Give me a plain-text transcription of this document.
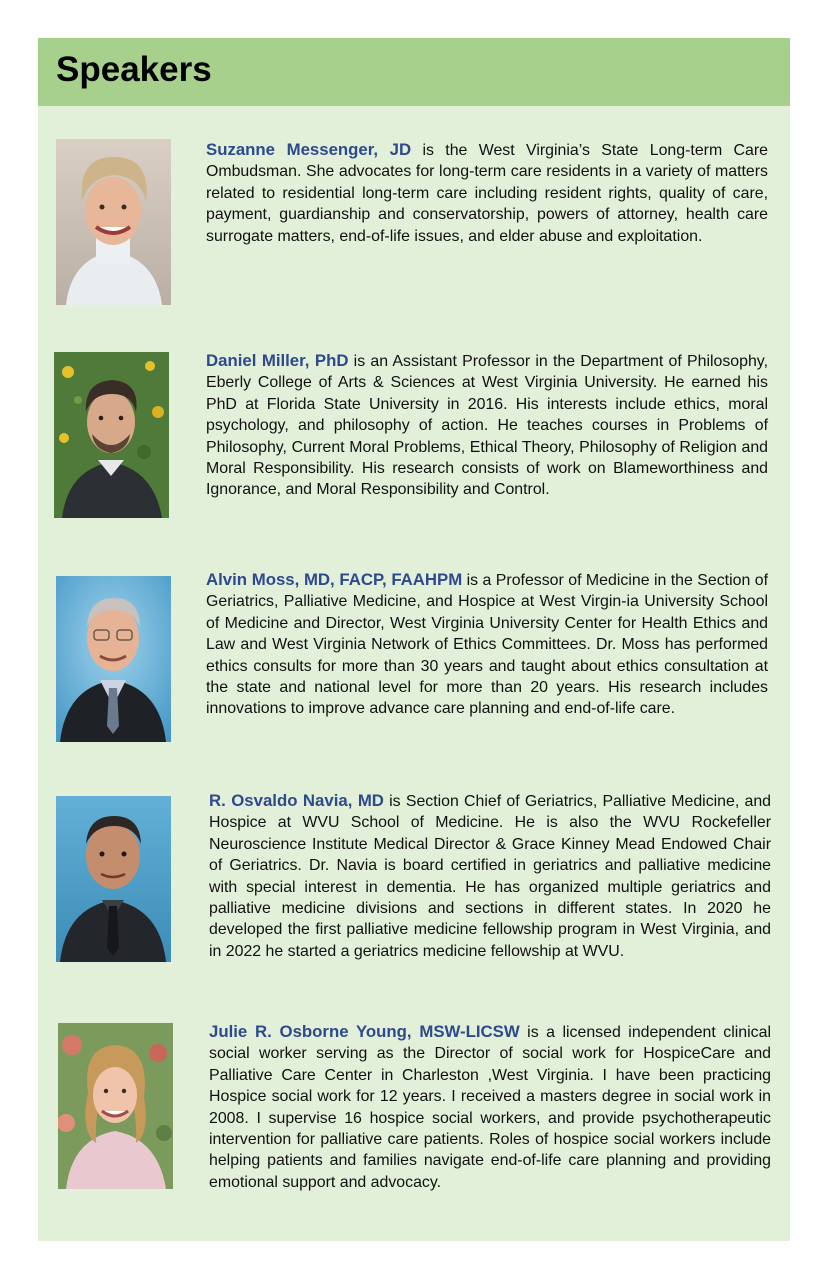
Speakers

Suzanne Messenger, JD is the West Virginia’s State Long-term Care Ombudsman. She advocates for long-term care residents in a variety of matters related to residential long-term care including resident rights, quality of care, payment, guardianship and conservatorship, powers of attorney, health care surrogate matters, end-of-life issues, and elder abuse and exploitation.

Daniel Miller, PhD is an Assistant Professor in the Department of Philosophy, Eberly College of Arts & Sciences at West Virginia University. He earned his PhD at Florida State University in 2016. His interests include ethics, moral psychology, and philosophy of action. He teaches courses in Problems of Philosophy, Current Moral Problems, Ethical Theory, Philosophy of Religion and Moral Responsibility. His research consists of work on Blameworthiness and Ignorance, and Moral Responsibility and Control.

Alvin Moss, MD, FACP, FAAHPM is a Professor of Medicine in the Section of Geriatrics, Palliative Medicine, and Hospice at West Virgin-ia University School of Medicine and Director, West Virginia University Center for Health Ethics and Law and West Virginia Network of Ethics Committees. Dr. Moss has performed ethics consults for more than 30 years and taught about ethics consultation at the state and national level for more than 20 years. His research includes innovations to improve advance care planning and end-of-life care.

R. Osvaldo Navia, MD is Section Chief of Geriatrics, Palliative Medicine, and Hospice at WVU School of Medicine. He is also the WVU Rockefeller Neuroscience Institute Medical Director & Grace Kinney Mead Endowed Chair of Geriatrics. Dr. Navia is board certified in geriatrics and palliative medicine with special interest in dementia. He has organized multiple geriatrics and palliative medicine divisions and sections in different states. In 2020 he developed the first palliative medicine fellowship program in West Virginia, and in 2022 he started a geriatrics medicine fellowship at WVU.

Julie R. Osborne Young, MSW-LICSW is a licensed independent clinical social worker serving as the Director of social work for HospiceCare and Palliative Care Center in Charleston ,West Virginia. I have been practicing Hospice social work for 12 years. I received a masters degree in social work in 2008. I supervise 16 hospice social workers, and provide psychotherapeutic intervention for palliative care patients. Roles of hospice social workers include helping patients and families navigate end-of-life care planning and providing emotional support and advocacy.
